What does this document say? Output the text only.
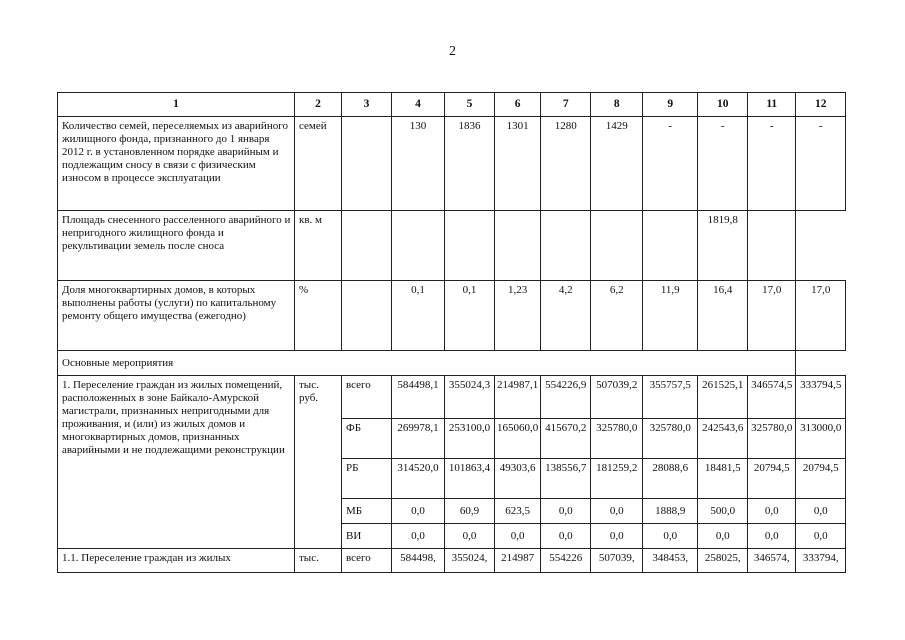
2
1	2	3	4	5	6	7	8	9	10	11	12
Количество семей, переселяемых из аварийного жилищного фонда, признанного до 1 января 2012 г. в установленном порядке аварийным и подлежащим сносу в связи с физическим износом в процессе эксплуатации	семей		130	1836	1301	1280	1429	-	-	-	-
Площадь снесенного расселенного аварийного и непригодного жилищного фонда и рекультивации земель после сноса	кв. м								1819,8		
Доля многоквартирных домов, в которых выполнены работы (услуги) по капитальному ремонту общего имущества (ежегодно)	%		0,1	0,1	1,23	4,2	6,2	11,9	16,4	17,0	17,0
Основные мероприятия											
1. Переселение граждан из жилых помещений, расположенных в зоне Байкало-Амурской магистрали, признанных непригодными для проживания, и (или) из жилых домов и многоквартирных домов, признанных аварийными и не подлежащими реконструкции	тыс. руб.	всего	584498,1	355024,3	214987,1	554226,9	507039,2	355757,5	261525,1	346574,5	333794,5
		ФБ	269978,1	253100,0	165060,0	415670,2	325780,0	325780,0	242543,6	325780,0	313000,0
		РБ	314520,0	101863,4	49303,6	138556,7	181259,2	28088,6	18481,5	20794,5	20794,5
		МБ	0,0	60,9	623,5	0,0	0,0	1888,9	500,0	0,0	0,0
		ВИ	0,0	0,0	0,0	0,0	0,0	0,0	0,0	0,0	0,0
1.1. Переселение граждан из жилых	тыс.	всего	584498,	355024,	214987	554226	507039,	348453,	258025,	346574,	333794,
